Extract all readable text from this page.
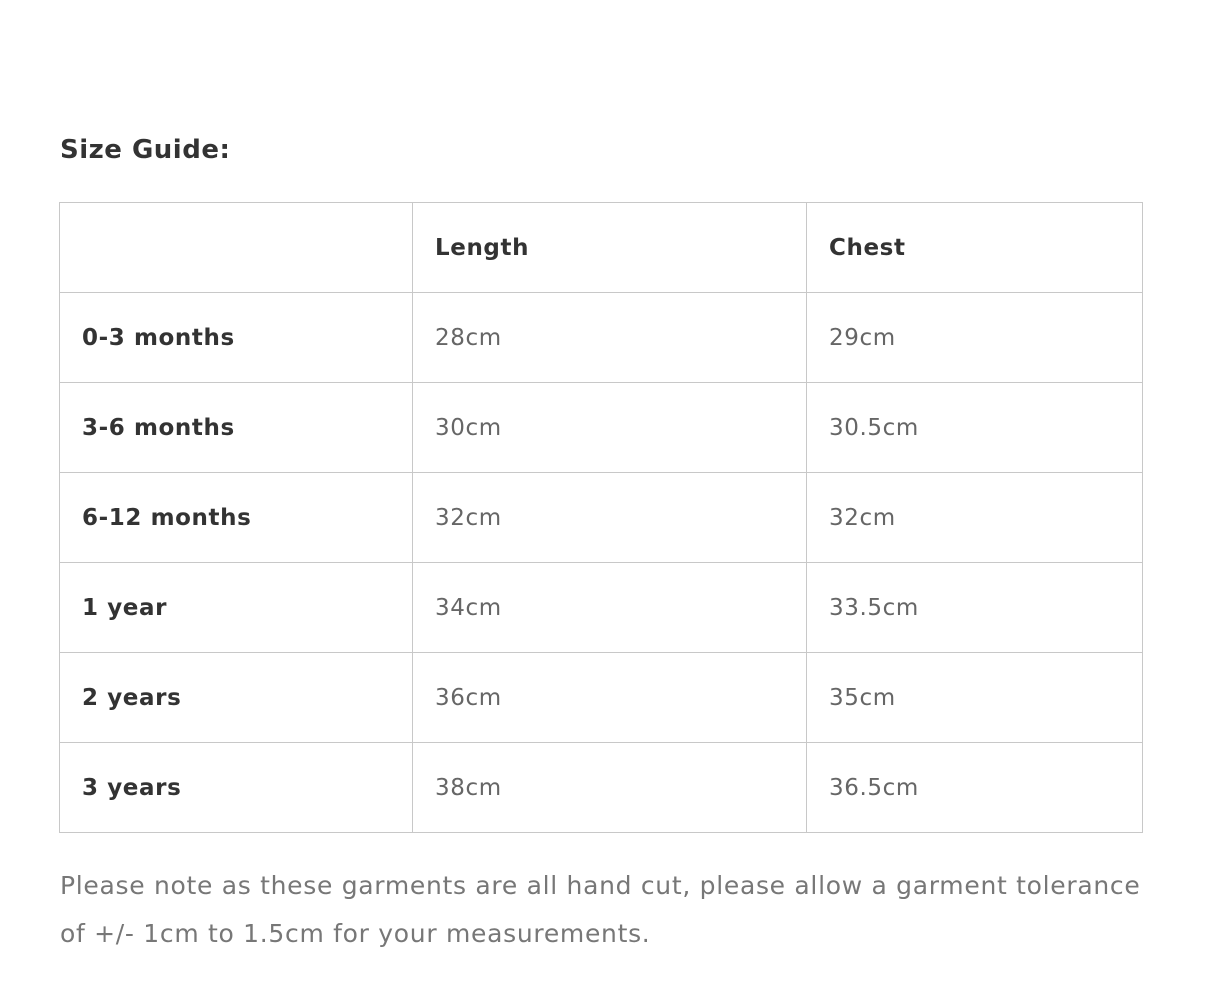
Size Guide:
	Length	Chest
0-3 months	28cm	29cm
3-6 months	30cm	30.5cm
6-12 months	32cm	32cm
1 year	34cm	33.5cm
2 years	36cm	35cm
3 years	38cm	36.5cm

Please note as these garments are all hand cut, please allow a garment tolerance of +/- 1cm to 1.5cm for your measurements.
